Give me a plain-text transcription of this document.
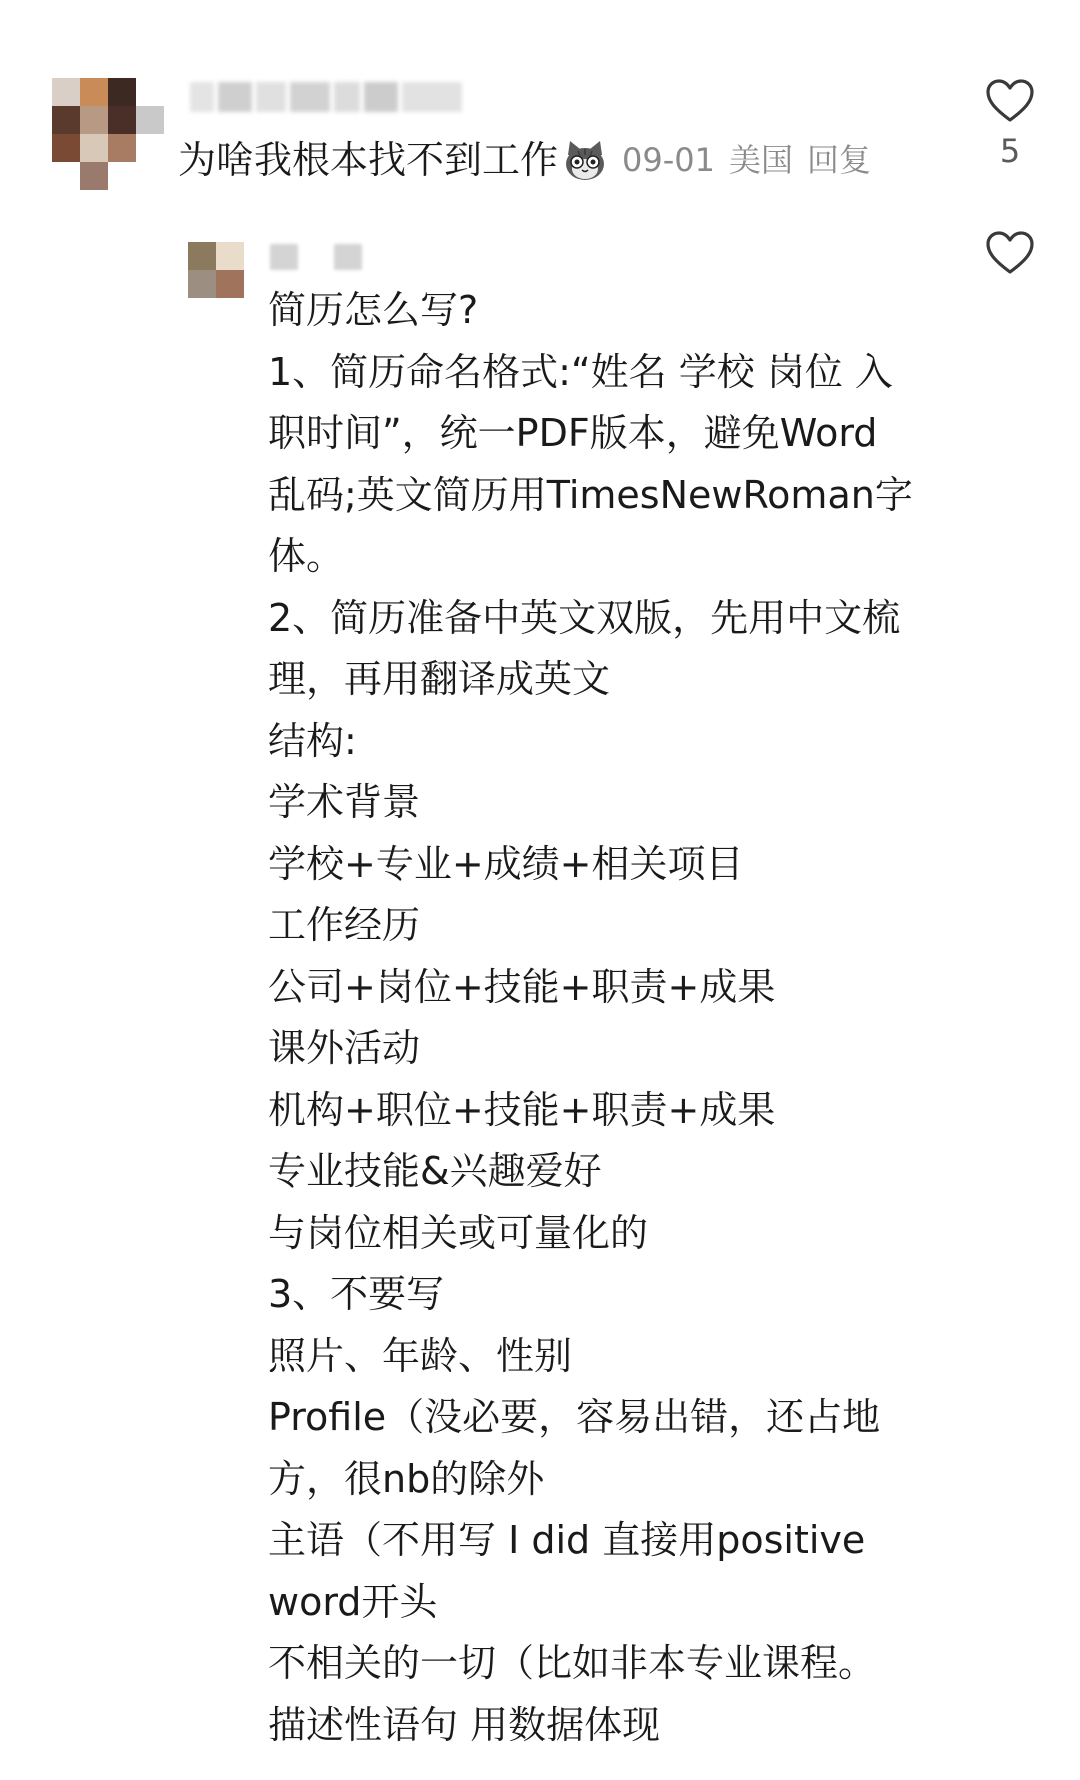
为啥我根本找不到工作 09-01 美国 回复	5
简历怎么写?
1、简历命名格式:“姓名 学校 岗位 入
职时间”，统一PDF版本，避免Word
乱码;英文简历用TimesNewRoman字
体。
2、简历准备中英文双版，先用中文梳
理，再用翻译成英文
结构:
学术背景
学校+专业+成绩+相关项目
工作经历
公司+岗位+技能+职责+成果
课外活动
机构+职位+技能+职责+成果
专业技能&兴趣爱好
与岗位相关或可量化的
3、不要写
照片、年龄、性别
Profile（没必要，容易出错，还占地
方，很nb的除外
主语（不用写 I did 直接用positive
word开头
不相关的一切（比如非本专业课程。
描述性语句 用数据体现
